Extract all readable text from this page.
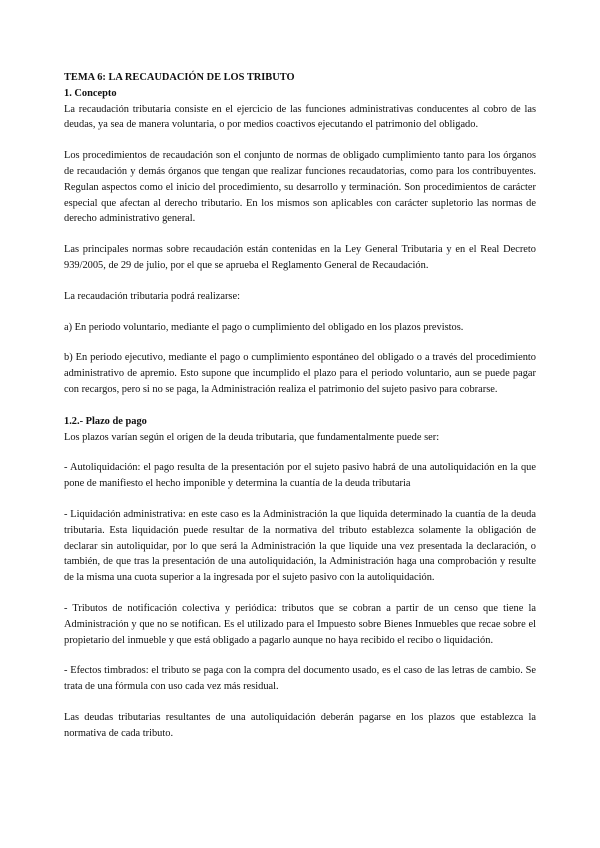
TEMA 6: LA RECAUDACIÓN DE LOS TRIBUTO

1. Concepto

La recaudación tributaria consiste en el ejercicio de las funciones administrativas conducentes al cobro de las deudas, ya sea de manera voluntaria, o por medios coactivos ejecutando el patrimonio del obligado.

Los procedimientos de recaudación son el conjunto de normas de obligado cumplimiento tanto para los órganos de recaudación y demás órganos que tengan que realizar funciones recaudatorias, como para los contribuyentes. Regulan aspectos como el inicio del procedimiento, su desarrollo y terminación. Son procedimientos de carácter especial que afectan al derecho tributario. En los mismos son aplicables con carácter supletorio las normas de derecho administrativo general.

Las principales normas sobre recaudación están contenidas en la Ley General Tributaria y en el Real Decreto 939/2005, de 29 de julio, por el que se aprueba el Reglamento General de Recaudación.

La recaudación tributaria podrá realizarse:

a) En periodo voluntario, mediante el pago o cumplimiento del obligado en los plazos previstos.

b) En periodo ejecutivo, mediante el pago o cumplimiento espontáneo del obligado o a través del procedimiento administrativo de apremio. Esto supone que incumplido el plazo para el periodo voluntario, aun se puede pagar con recargos, pero si no se paga, la Administración realiza el patrimonio del sujeto pasivo para cobrarse.

1.2.- Plazo de pago

Los plazos varían según el origen de la deuda tributaria, que fundamentalmente puede ser:

- Autoliquidación: el pago resulta de la presentación por el sujeto pasivo habrá de una autoliquidación en la que pone de manifiesto el hecho imponible y determina la cuantía de la deuda tributaria

- Liquidación administrativa: en este caso es la Administración la que liquida determinado la cuantía de la deuda tributaria. Esta liquidación puede resultar de la normativa del tributo establezca solamente la obligación de declarar sin autoliquidar, por lo que será la Administración la que liquide una vez presentada la declaración, o también, de que tras la presentación de una autoliquidación, la Administración haga una comprobación y resulte de la misma una cuota superior a la ingresada por el sujeto pasivo con la autoliquidación.

- Tributos de notificación colectiva y periódica: tributos que se cobran a partir de un censo que tiene la Administración y que no se notifican. Es el utilizado para el Impuesto sobre Bienes Inmuebles que recae sobre el propietario del inmueble y que está obligado a pagarlo aunque no haya recibido el recibo o liquidación.

- Efectos timbrados: el tributo se paga con la compra del documento usado, es el caso de las letras de cambio. Se trata de una fórmula con uso cada vez más residual.

Las deudas tributarias resultantes de una autoliquidación deberán pagarse en los plazos que establezca la normativa de cada tributo.
